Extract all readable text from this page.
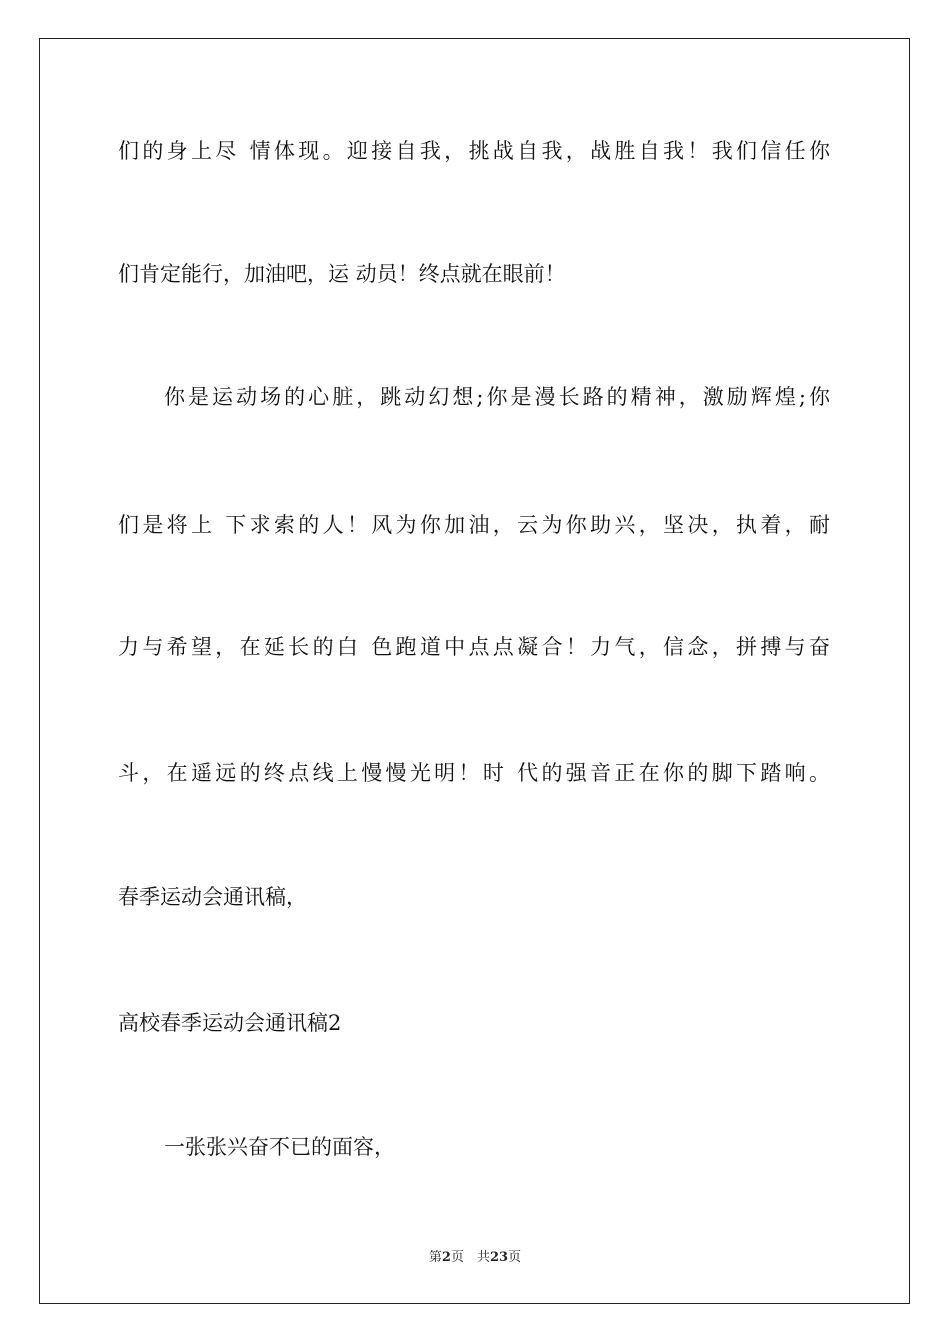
们的身上尽 情体现。迎接自我，挑战自我，战胜自我！我们信任你

们肯定能行，加油吧，运 动员！终点就在眼前！

你是运动场的心脏，跳动幻想;你是漫长路的精神，激励辉煌;你

们是将上 下求索的人！风为你加油，云为你助兴，坚决，执着，耐

力与希望，在延长的白 色跑道中点点凝合！力气，信念，拼搏与奋

斗，在遥远的终点线上慢慢光明！时 代的强音正在你的脚下踏响。

春季运动会通讯稿，

高校春季运动会通讯稿2

一张张兴奋不已的面容，

第2页　共23页
